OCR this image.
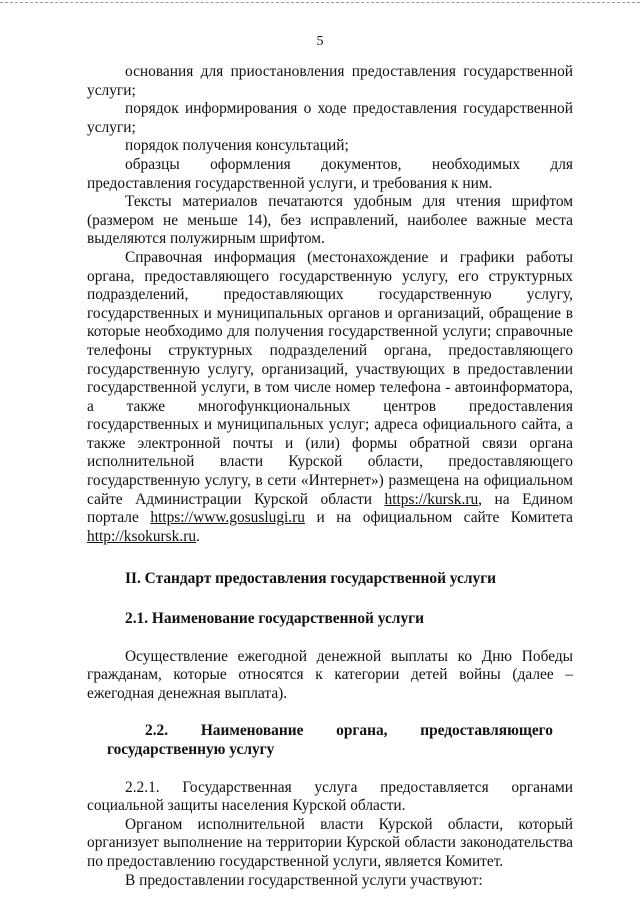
5

основания для приостановления предоставления государственной услуги;

порядок информирования о ходе предоставления государственной услуги;

порядок получения консультаций;

образцы оформления документов, необходимых для предоставления государственной услуги, и требования к ним.

Тексты материалов печатаются удобным для чтения шрифтом (размером не меньше 14), без исправлений, наиболее важные места выделяются полужирным шрифтом.

Справочная информация (местонахождение и графики работы органа, предоставляющего государственную услугу, его структурных подразделений, предоставляющих государственную услугу, государственных и муниципальных органов и организаций, обращение в которые необходимо для получения государственной услуги; справочные телефоны структурных подразделений органа, предоставляющего государственную услугу, организаций, участвующих в предоставлении государственной услуги, в том числе номер телефона - автоинформатора, а также многофункциональных центров предоставления государственных и муниципальных услуг; адреса официального сайта, а также электронной почты и (или) формы обратной связи органа исполнительной власти Курской области, предоставляющего государственную услугу, в сети «Интернет») размещена на официальном сайте Администрации Курской области https://kursk.ru, на Едином портале https://www.gosuslugi.ru и на официальном сайте Комитета http://ksokursk.ru.

II. Стандарт предоставления государственной услуги

2.1. Наименование государственной услуги

Осуществление ежегодной денежной выплаты ко Дню Победы гражданам, которые относятся к категории детей войны (далее – ежегодная денежная выплата).

2.2. Наименование органа, предоставляющего государственную услугу

2.2.1. Государственная услуга предоставляется органами социальной защиты населения Курской области.

Органом исполнительной власти Курской области, который организует выполнение на территории Курской области законодательства по предоставлению государственной услуги, является Комитет.

В предоставлении государственной услуги участвуют:
